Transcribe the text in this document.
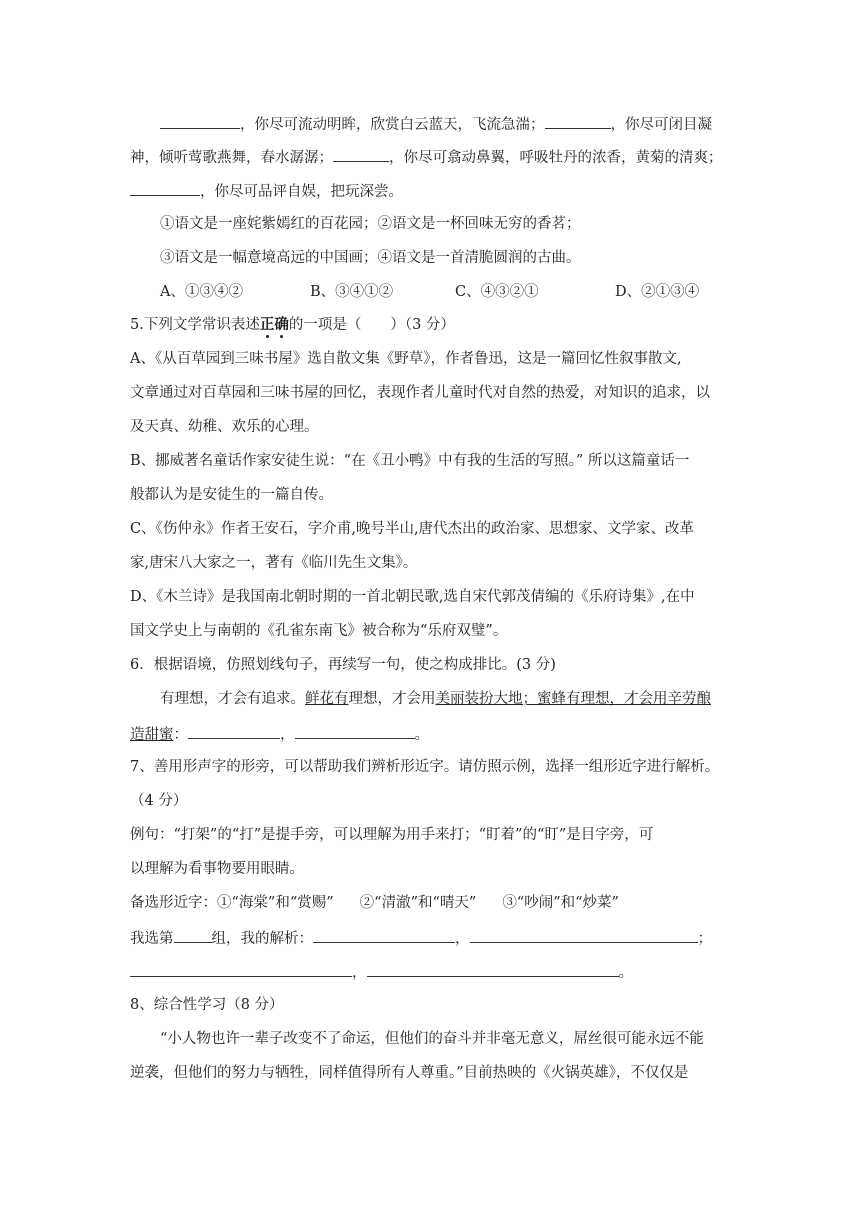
，你尽可流动明眸，欣赏白云蓝天，飞流急湍；	，你尽可闭目凝
神，倾听莺歌燕舞，春水潺潺；	，你尽可翕动鼻翼，呼吸牡丹的浓香，黄菊的清爽；
，你尽可品评自娱，把玩深尝。
①语文是一座姹紫嫣红的百花园；②语文是一杯回味无穷的香茗；
③语文是一幅意境高远的中国画；④语文是一首清脆圆润的古曲。
A、①③④②	B、③④①②	C、④③②①	D、②①③④
5.下列文学常识表述正确的一项是（　　）（3 分）
A、《从百草园到三味书屋》选自散文集《野草》，作者鲁迅，这是一篇回忆性叙事散文,
文章通过对百草园和三味书屋的回忆，表现作者儿童时代对自然的热爱，对知识的追求，以
及天真、幼稚、欢乐的心理。
B、挪威著名童话作家安徒生说：“在《丑小鸭》中有我的生活的写照。” 所以这篇童话一
般都认为是安徒生的一篇自传。
C、《伤仲永》作者王安石，字介甫,晚号半山,唐代杰出的政治家、思想家、文学家、改革
家,唐宋八大家之一，著有《临川先生文集》。
D、《木兰诗》是我国南北朝时期的一首北朝民歌,选自宋代郭茂倩编的《乐府诗集》,在中
国文学史上与南朝的《孔雀东南飞》被合称为“乐府双璧”。
6．根据语境，仿照划线句子，再续写一句，使之构成排比。(3 分)
有理想，才会有追求。鲜花有理想，才会用美丽装扮大地；蜜蜂有理想，才会用辛劳酿
造甜蜜：	，	。
7、善用形声字的形旁，可以帮助我们辨析形近字。请仿照示例，选择一组形近字进行解析。
（4 分）
例句：“打架”的“打”是提手旁，可以理解为用手来打；“盯着”的“盯”是目字旁，可
以理解为看事物要用眼睛。
备选形近字：①“海棠”和“赏赐” ②“清澈”和“晴天” ③“吵闹”和“炒菜”
我选第	组，我的解析：	，	；
，	。
8、综合性学习（8 分）
“小人物也许一辈子改变不了命运，但他们的奋斗并非毫无意义，屌丝很可能永远不能
逆袭，但他们的努力与牺牲，同样值得所有人尊重。”目前热映的《火锅英雄》，不仅仅是
